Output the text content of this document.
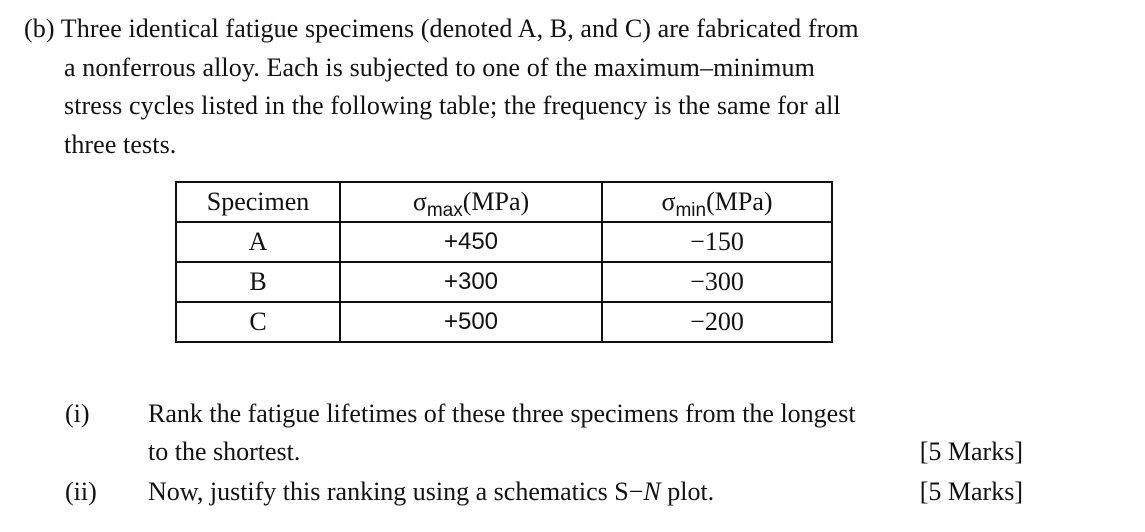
(b) Three identical fatigue specimens (denoted A, B, and C) are fabricated from
a nonferrous alloy. Each is subjected to one of the maximum–minimum
stress cycles listed in the following table; the frequency is the same for all
three tests.
Specimen	$\sigma_{max}(MPa)$	$\sigma_{min}(MPa)$
A	+450	−150
B	+300	−300
C	+500	−200
(i) Rank the fatigue lifetimes of these three specimens from the longest
to the shortest.	[5 Marks]
(ii) Now, justify this ranking using a schematics S−N plot.	[5 Marks]
